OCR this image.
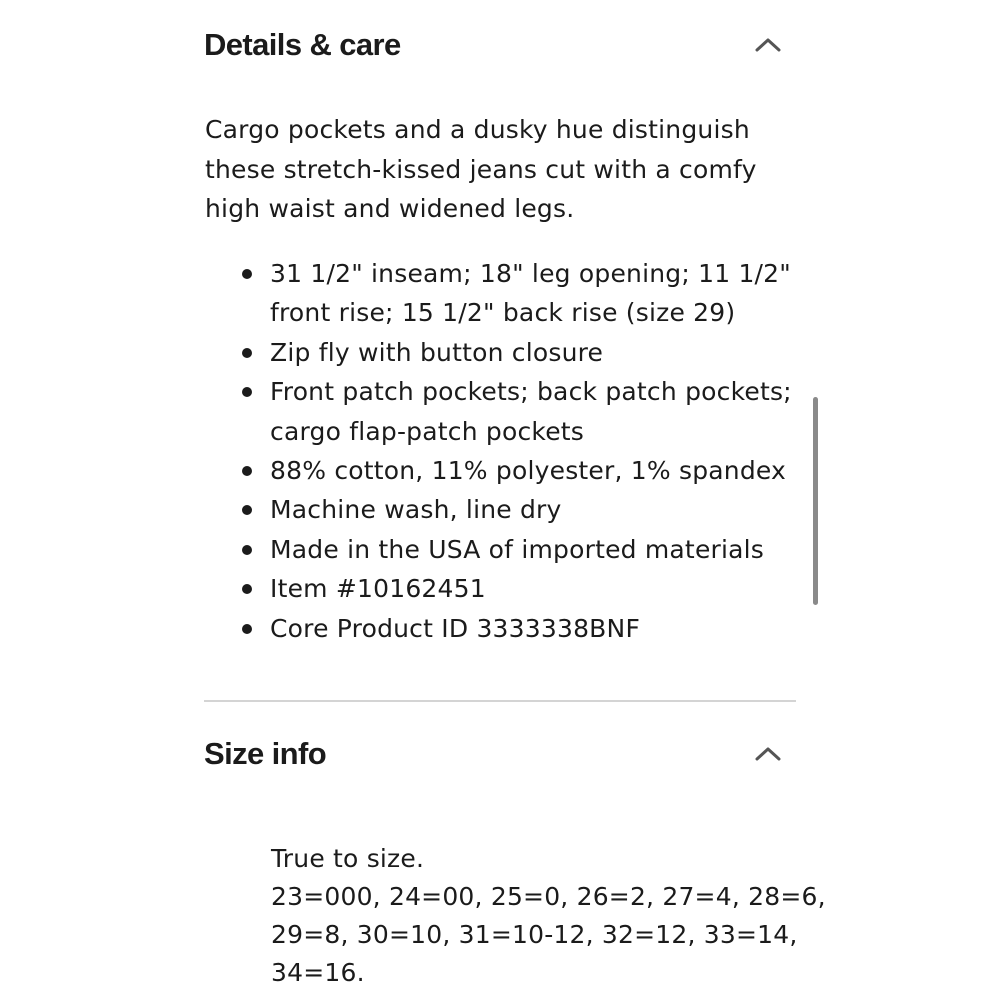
Details & care

Cargo pockets and a dusky hue distinguish these stretch-kissed jeans cut with a comfy high waist and widened legs.

31 1/2" inseam; 18" leg opening; 11 1/2" front rise; 15 1/2" back rise (size 29)
Zip fly with button closure
Front patch pockets; back patch pockets; cargo flap-patch pockets
88% cotton, 11% polyester, 1% spandex
Machine wash, line dry
Made in the USA of imported materials
Item #10162451
Core Product ID 3333338BNF
Size info
True to size.
23=000, 24=00, 25=0, 26=2, 27=4, 28=6,
29=8, 30=10, 31=10-12, 32=12, 33=14,
34=16.
